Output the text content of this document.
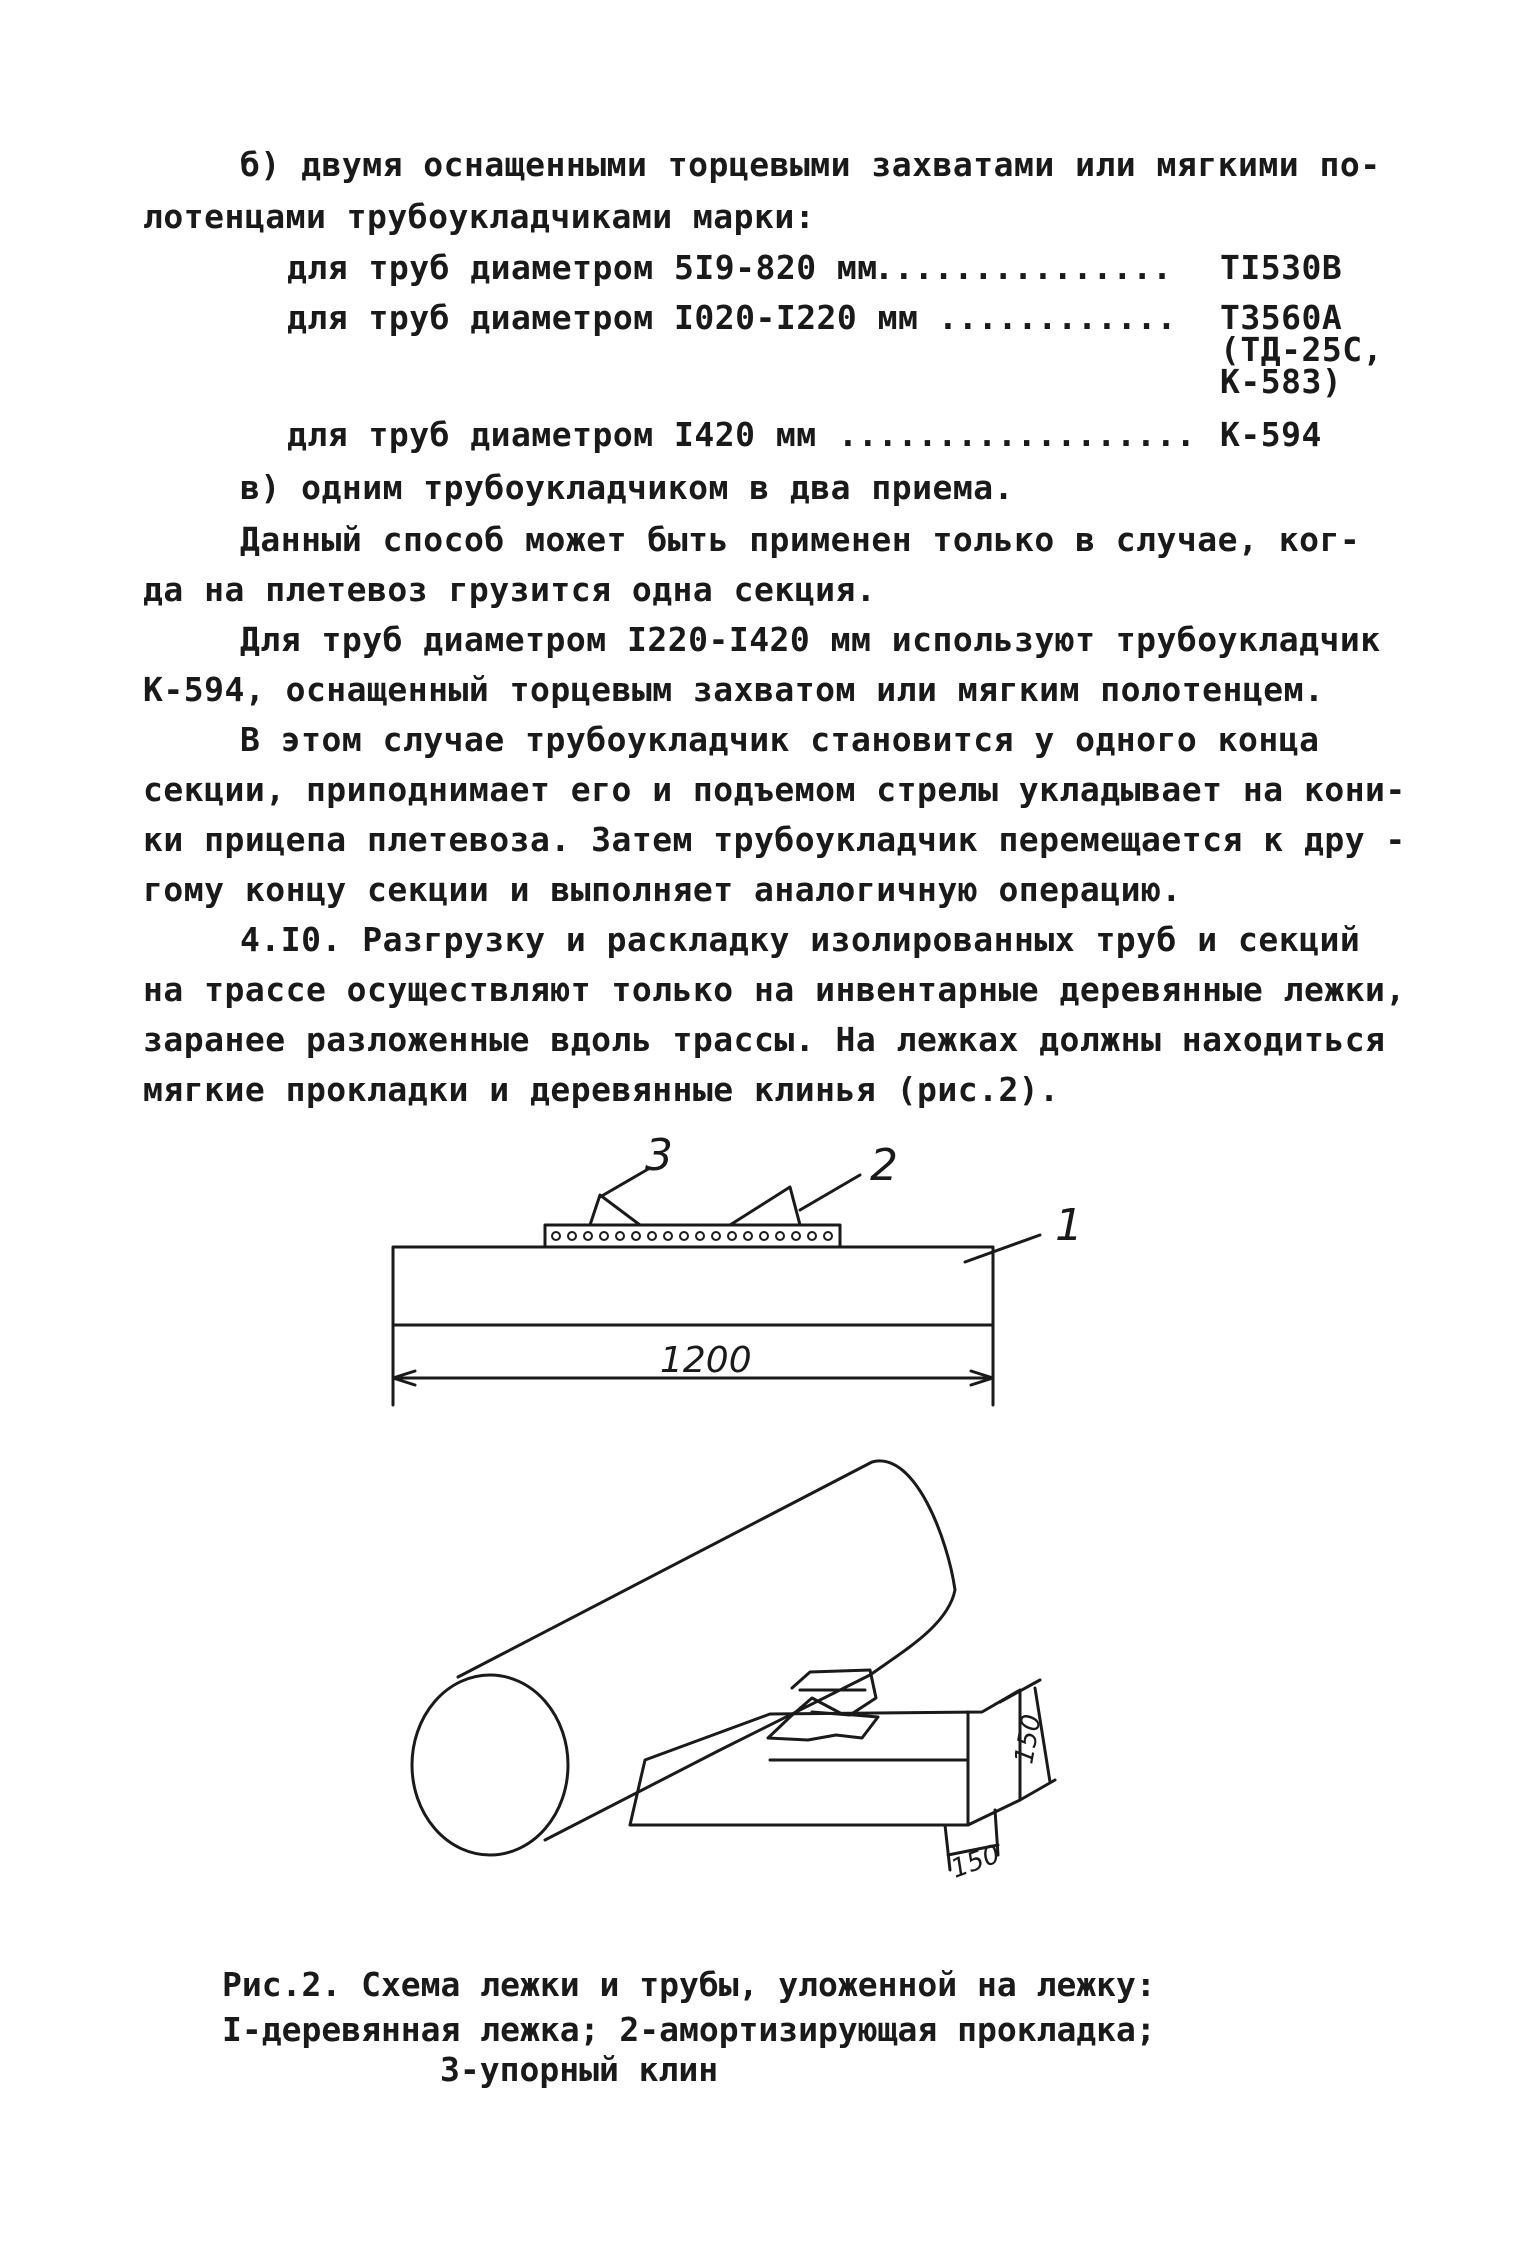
б) двумя оснащенными торцевыми захватами или мягкими по-
лотенцами трубоукладчиками марки:
для труб диаметром 5I9-820 мм
............... TI530B
для труб диаметром I020-I220 мм ............ T3560A
(ТД-25С,
К-583)
для труб диаметром I420 мм .................. К-594
в) одним трубоукладчиком в два приема.
Данный способ может быть применен только в случае, ког-
да на плетевоз грузится одна секция.
Для труб диаметром I220-I420 мм используют трубоукладчик
К-594, оснащенный торцевым захватом или мягким полотенцем.
В этом случае трубоукладчик становится у одного конца
секции, приподнимает его и подъемом стрелы укладывает на кони-
ки прицепа плетевоза. Затем трубоукладчик перемещается к дру -
гому концу секции и выполняет аналогичную операцию.
4.I0. Разгрузку и раскладку изолированных труб и секций
на трассе осуществляют только на инвентарные деревянные лежки,
заранее разложенные вдоль трассы. На лежках должны находиться
мягкие прокладки и деревянные клинья (рис.2).
3	2
1
1200
150
150
Рис.2. Схема лежки и трубы, уложенной на лежку:
I-деревянная лежка; 2-амортизирующая прокладка;
3-упорный клин
